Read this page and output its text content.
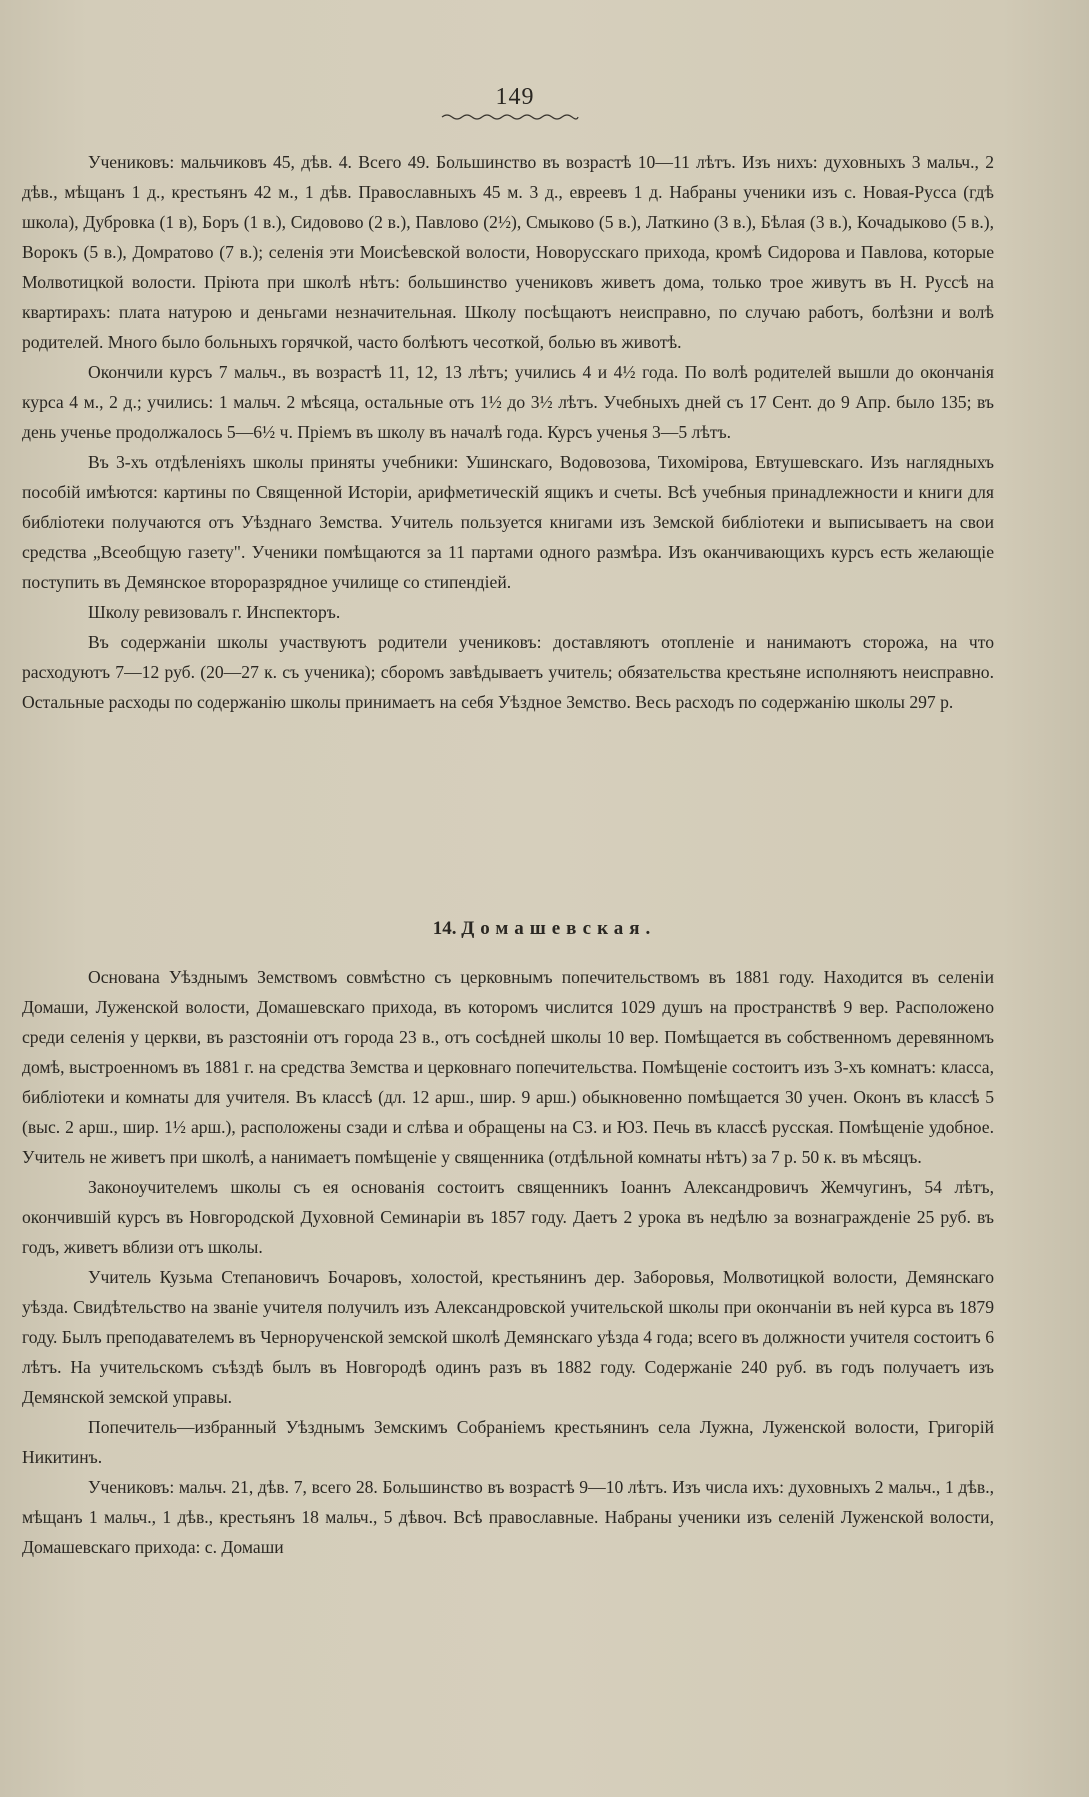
149

Учениковъ: мальчиковъ 45, дѣв. 4. Всего 49. Большинство въ возрастѣ 10—11 лѣтъ. Изъ нихъ: духовныхъ 3 мальч., 2 дѣв., мѣщанъ 1 д., крестьянъ 42 м., 1 дѣв. Православныхъ 45 м. 3 д., евреевъ 1 д. Набраны ученики изъ с. Новая-Русса (гдѣ школа), Дубровка (1 в), Боръ (1 в.), Сидовово (2 в.), Павлово (2½), Смыково (5 в.), Латкино (3 в.), Бѣлая (3 в.), Кочадыково (5 в.), Ворокъ (5 в.), Домратово (7 в.); селенія эти Моисѣевской волости, Новорусскаго прихода, кромѣ Сидорова и Павлова, которые Молвотицкой волости. Пріюта при школѣ нѣтъ: большинство учениковъ живетъ дома, только трое живутъ въ Н. Руссѣ на квартирахъ: плата натурою и деньгами незначительная. Школу посѣщаютъ неисправно, по случаю работъ, болѣзни и волѣ родителей. Много было больныхъ горячкой, часто болѣютъ чесоткой, болью въ животѣ.

Окончили курсъ 7 мальч., въ возрастѣ 11, 12, 13 лѣтъ; учились 4 и 4½ года. По волѣ родителей вышли до окончанія курса 4 м., 2 д.; учились: 1 мальч. 2 мѣсяца, остальные отъ 1½ до 3½ лѣтъ. Учебныхъ дней съ 17 Сент. до 9 Апр. было 135; въ день ученье продолжалось 5—6½ ч. Пріемъ въ школу въ началѣ года. Курсъ ученья 3—5 лѣтъ.

Въ 3-хъ отдѣленіяхъ школы приняты учебники: Ушинскаго, Водовозова, Тихомірова, Евтушевскаго. Изъ наглядныхъ пособій имѣются: картины по Священной Исторіи, арифметическій ящикъ и счеты. Всѣ учебныя принадлежности и книги для библіотеки получаются отъ Уѣзднаго Земства. Учитель пользуется книгами изъ Земской библіотеки и выписываетъ на свои средства „Всеобщую газету". Ученики помѣщаются за 11 партами одного размѣра. Изъ оканчивающихъ курсъ есть желающіе поступить въ Демянское второразрядное училище со стипендіей.

Школу ревизовалъ г. Инспекторъ.

Въ содержаніи школы участвуютъ родители учениковъ: доставляютъ отопленіе и нанимаютъ сторожа, на что расходуютъ 7—12 руб. (20—27 к. съ ученика); сборомъ завѣдываетъ учитель; обязательства крестьяне исполняютъ неисправно. Остальные расходы по содержанію школы принимаетъ на себя Уѣздное Земство. Весь расходъ по содержанію школы 297 р.

14. Домашевская.

Основана Уѣзднымъ Земствомъ совмѣстно съ церковнымъ попечительствомъ въ 1881 году. Находится въ селеніи Домаши, Луженской волости, Домашевскаго прихода, въ которомъ числится 1029 душъ на пространствѣ 9 вер. Расположено среди селенія у церкви, въ разстояніи отъ города 23 в., отъ сосѣдней школы 10 вер. Помѣщается въ собственномъ деревянномъ домѣ, выстроенномъ въ 1881 г. на средства Земства и церковнаго попечительства. Помѣщеніе состоитъ изъ 3-хъ комнатъ: класса, библіотеки и комнаты для учителя. Въ классѣ (дл. 12 арш., шир. 9 арш.) обыкновенно помѣщается 30 учен. Оконъ въ классѣ 5 (выс. 2 арш., шир. 1½ арш.), расположены сзади и слѣва и обращены на СЗ. и ЮЗ. Печь въ классѣ русская. Помѣщеніе удобное. Учитель не живетъ при школѣ, а нанимаетъ помѣщеніе у священника (отдѣльной комнаты нѣтъ) за 7 р. 50 к. въ мѣсяцъ.

Законоучителемъ школы съ ея основанія состоитъ священникъ Іоаннъ Александровичъ Жемчугинъ, 54 лѣтъ, окончившій курсъ въ Новгородской Духовной Семинаріи въ 1857 году. Даетъ 2 урока въ недѣлю за вознагражденіе 25 руб. въ годъ, живетъ вблизи отъ школы.

Учитель Кузьма Степановичъ Бочаровъ, холостой, крестьянинъ дер. Заборовья, Молвотицкой волости, Демянскаго уѣзда. Свидѣтельство на званіе учителя получилъ изъ Александровской учительской школы при окончаніи въ ней курса въ 1879 году. Былъ преподавателемъ въ Чернорученской земской школѣ Демянскаго уѣзда 4 года; всего въ должности учителя состоитъ 6 лѣтъ. На учительскомъ съѣздѣ былъ въ Новгородѣ одинъ разъ въ 1882 году. Содержаніе 240 руб. въ годъ получаетъ изъ Демянской земской управы.

Попечитель—избранный Уѣзднымъ Земскимъ Собраніемъ крестьянинъ села Лужна, Луженской волости, Григорій Никитинъ.

Учениковъ: мальч. 21, дѣв. 7, всего 28. Большинство въ возрастѣ 9—10 лѣтъ. Изъ числа ихъ: духовныхъ 2 мальч., 1 дѣв., мѣщанъ 1 мальч., 1 дѣв., крестьянъ 18 мальч., 5 дѣвоч. Всѣ православные. Набраны ученики изъ селеній Луженской волости, Домашевскаго прихода: с. Домаши
